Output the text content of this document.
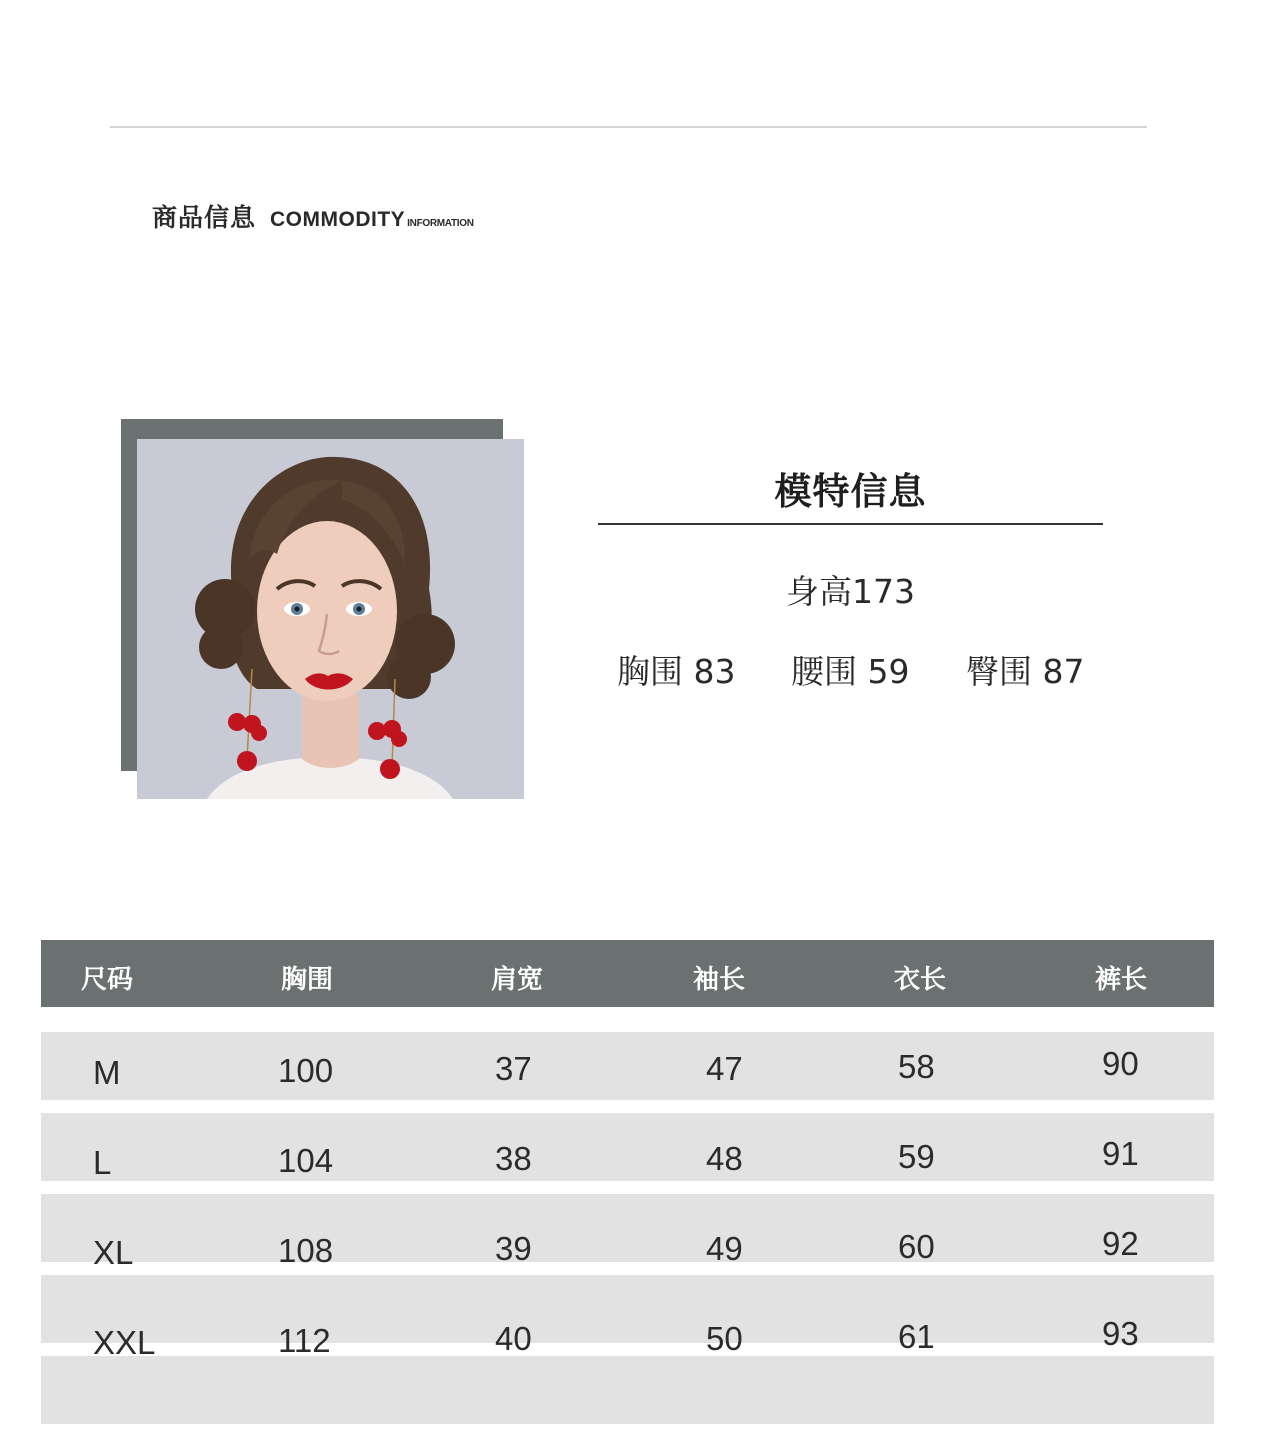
商品信息 COMMODITY INFORMATION
模特信息
身高173
胸围 83 腰围 59 臀围 87
尺码	胸围	肩宽	袖长	衣长	裤长
M	100	37	47	58	90
L	104	38	48	59	91
XL	108	39	49	60	92
XXL	112	40	50	61	93
